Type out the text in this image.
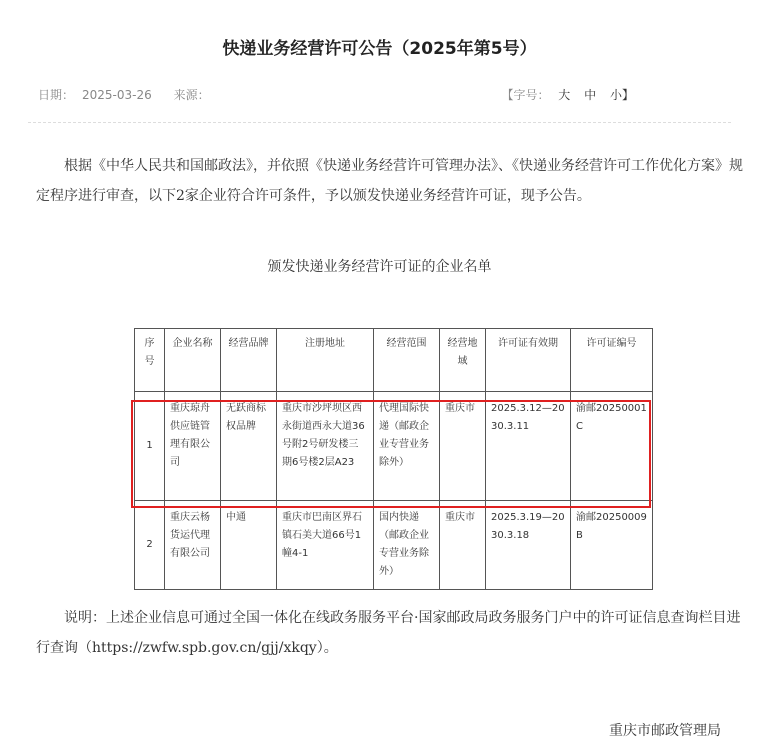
快递业务经营许可公告（2025年第5号）
日期： 2025-03-26 来源：	【字号： 大 中 小】
根据《中华人民共和国邮政法》，并依照《快递业务经营许可管理办法》、《快递业务经营许可工作优化方案》规定程序进行审查，以下2家企业符合许可条件，予以颁发快递业务经营许可证，现予公告。
颁发快递业务经营许可证的企业名单
序号	企业名称	经营品牌	注册地址	经营范围	经营地域	许可证有效期	许可证编号
1	重庆琼舟供应链管理有限公司	无跃商标权品牌	重庆市沙坪坝区西永街道西永大道36号附2号研发楼三期6号楼2层A23	代理国际快递（邮政企业专营业务除外）	重庆市	2025.3.12—2030.3.11	渝邮20250001C
2	重庆云杨货运代理有限公司	中通	重庆市巴南区界石镇石美大道66号1幢4-1	国内快递（邮政企业专营业务除外）	重庆市	2025.3.19—2030.3.18	渝邮20250009B
说明：上述企业信息可通过全国一体化在线政务服务平台·国家邮政局政务服务门户中的许可证信息查询栏目进行查询（https://zwfw.spb.gov.cn/gjj/xkqy）。
重庆市邮政管理局
